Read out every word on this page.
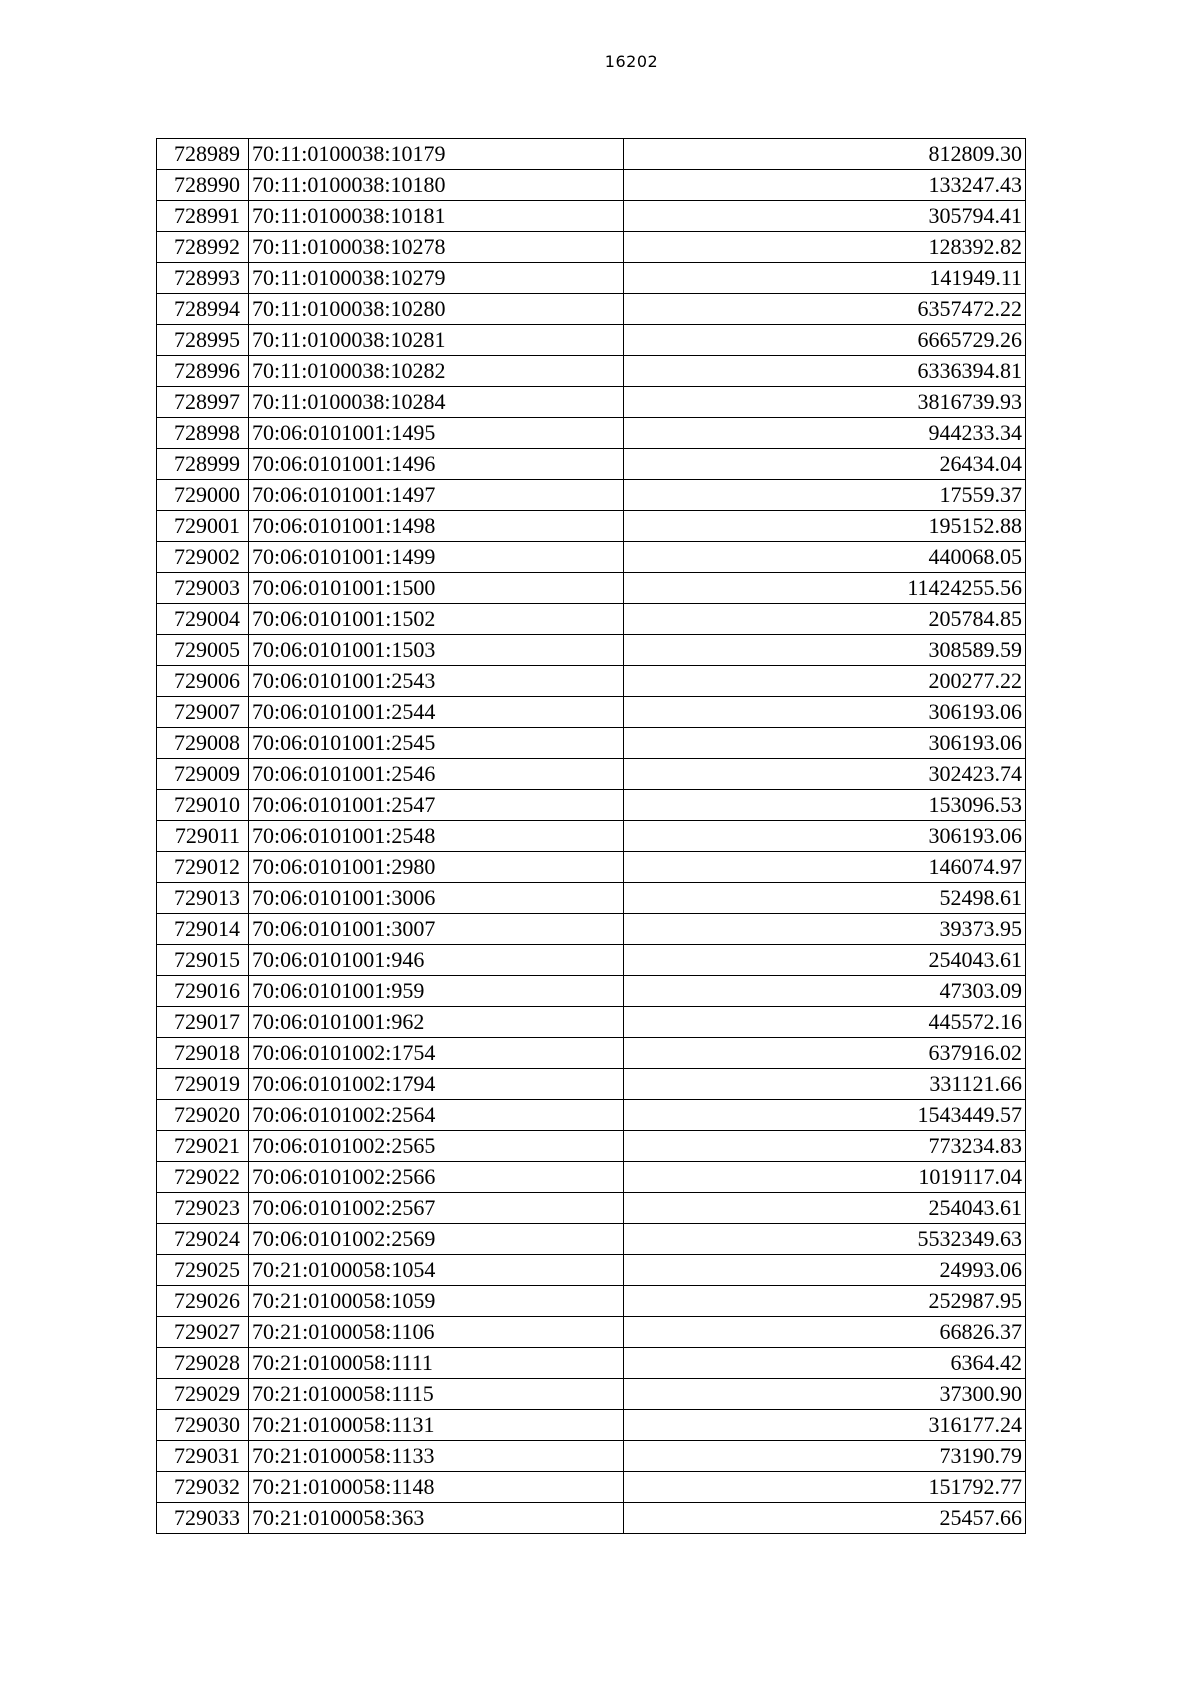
16202
728989	70:11:0100038:10179	812809.30
728990	70:11:0100038:10180	133247.43
728991	70:11:0100038:10181	305794.41
728992	70:11:0100038:10278	128392.82
728993	70:11:0100038:10279	141949.11
728994	70:11:0100038:10280	6357472.22
728995	70:11:0100038:10281	6665729.26
728996	70:11:0100038:10282	6336394.81
728997	70:11:0100038:10284	3816739.93
728998	70:06:0101001:1495	944233.34
728999	70:06:0101001:1496	26434.04
729000	70:06:0101001:1497	17559.37
729001	70:06:0101001:1498	195152.88
729002	70:06:0101001:1499	440068.05
729003	70:06:0101001:1500	11424255.56
729004	70:06:0101001:1502	205784.85
729005	70:06:0101001:1503	308589.59
729006	70:06:0101001:2543	200277.22
729007	70:06:0101001:2544	306193.06
729008	70:06:0101001:2545	306193.06
729009	70:06:0101001:2546	302423.74
729010	70:06:0101001:2547	153096.53
729011	70:06:0101001:2548	306193.06
729012	70:06:0101001:2980	146074.97
729013	70:06:0101001:3006	52498.61
729014	70:06:0101001:3007	39373.95
729015	70:06:0101001:946	254043.61
729016	70:06:0101001:959	47303.09
729017	70:06:0101001:962	445572.16
729018	70:06:0101002:1754	637916.02
729019	70:06:0101002:1794	331121.66
729020	70:06:0101002:2564	1543449.57
729021	70:06:0101002:2565	773234.83
729022	70:06:0101002:2566	1019117.04
729023	70:06:0101002:2567	254043.61
729024	70:06:0101002:2569	5532349.63
729025	70:21:0100058:1054	24993.06
729026	70:21:0100058:1059	252987.95
729027	70:21:0100058:1106	66826.37
729028	70:21:0100058:1111	6364.42
729029	70:21:0100058:1115	37300.90
729030	70:21:0100058:1131	316177.24
729031	70:21:0100058:1133	73190.79
729032	70:21:0100058:1148	151792.77
729033	70:21:0100058:363	25457.66
